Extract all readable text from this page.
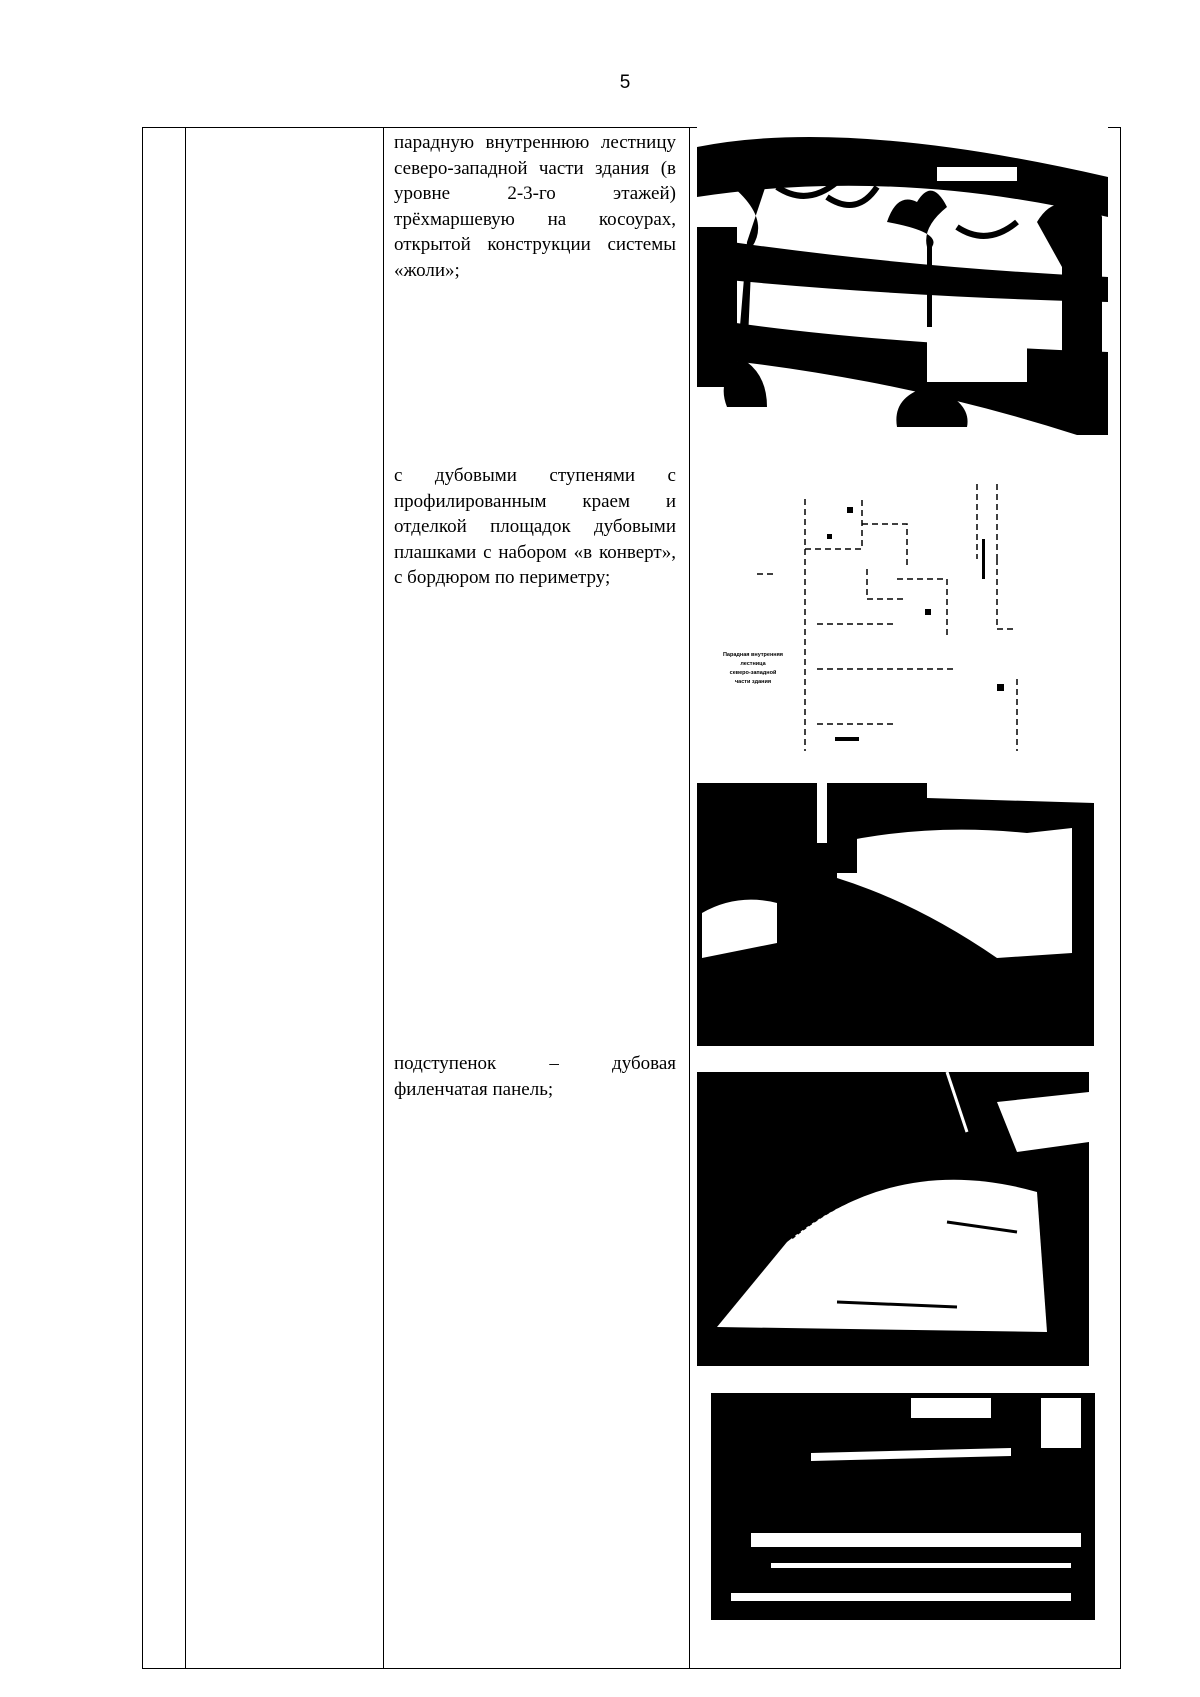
5
парадную внутреннюю лестницу северо-западной части здания (в уровне 2-3-го этажей) трёхмаршевую на косоурах, открытой конструкции системы «жоли»;
с дубовыми ступенями с профилированным краем и отделкой площадок дубовыми плашками с набором «в конверт», с бордюром по периметру;
подступенок – дубовая филенчатая панель;
Парадная внутренняя
лестница
северо-западной
части здания
